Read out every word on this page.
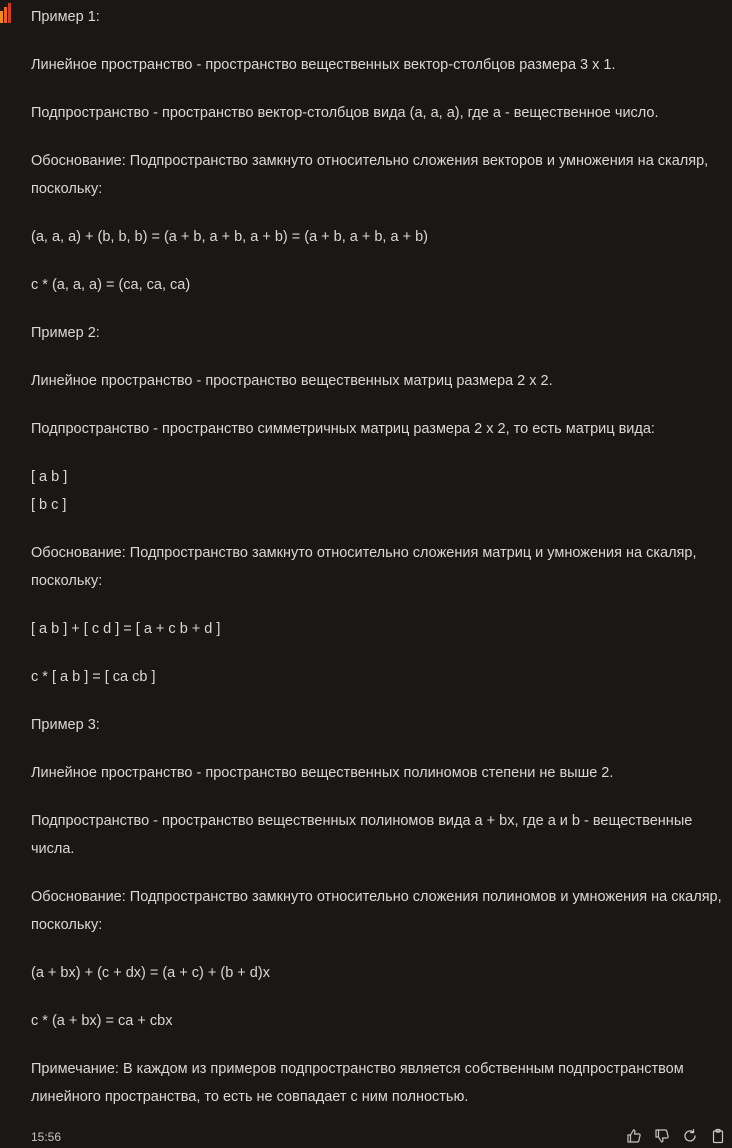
Пример 1:

Линейное пространство - пространство вещественных вектор-столбцов размера 3 x 1.

Подпространство - пространство вектор-столбцов вида (a, a, a), где a - вещественное число.

Обоснование: Подпространство замкнуто относительно сложения векторов и умножения на скаляр, поскольку:

(a, a, a) + (b, b, b) = (a + b, a + b, a + b) = (a + b, a + b, a + b)

c * (a, a, a) = (ca, ca, ca)

Пример 2:

Линейное пространство - пространство вещественных матриц размера 2 x 2.

Подпространство - пространство симметричных матриц размера 2 x 2, то есть матриц вида:

[ a b ]

[ b c ]

Обоснование: Подпространство замкнуто относительно сложения матриц и умножения на скаляр, поскольку:

[ a b ] + [ c d ] = [ a + c b + d ]

c * [ a b ] = [ ca cb ]

Пример 3:

Линейное пространство - пространство вещественных полиномов степени не выше 2.

Подпространство - пространство вещественных полиномов вида a + bx, где a и b - вещественные числа.

Обоснование: Подпространство замкнуто относительно сложения полиномов и умножения на скаляр, поскольку:

(a + bx) + (c + dx) = (a + c) + (b + d)x

c * (a + bx) = ca + cbx

Примечание: В каждом из примеров подпространство является собственным подпространством линейного пространства, то есть не совпадает с ним полностью.

15:56
